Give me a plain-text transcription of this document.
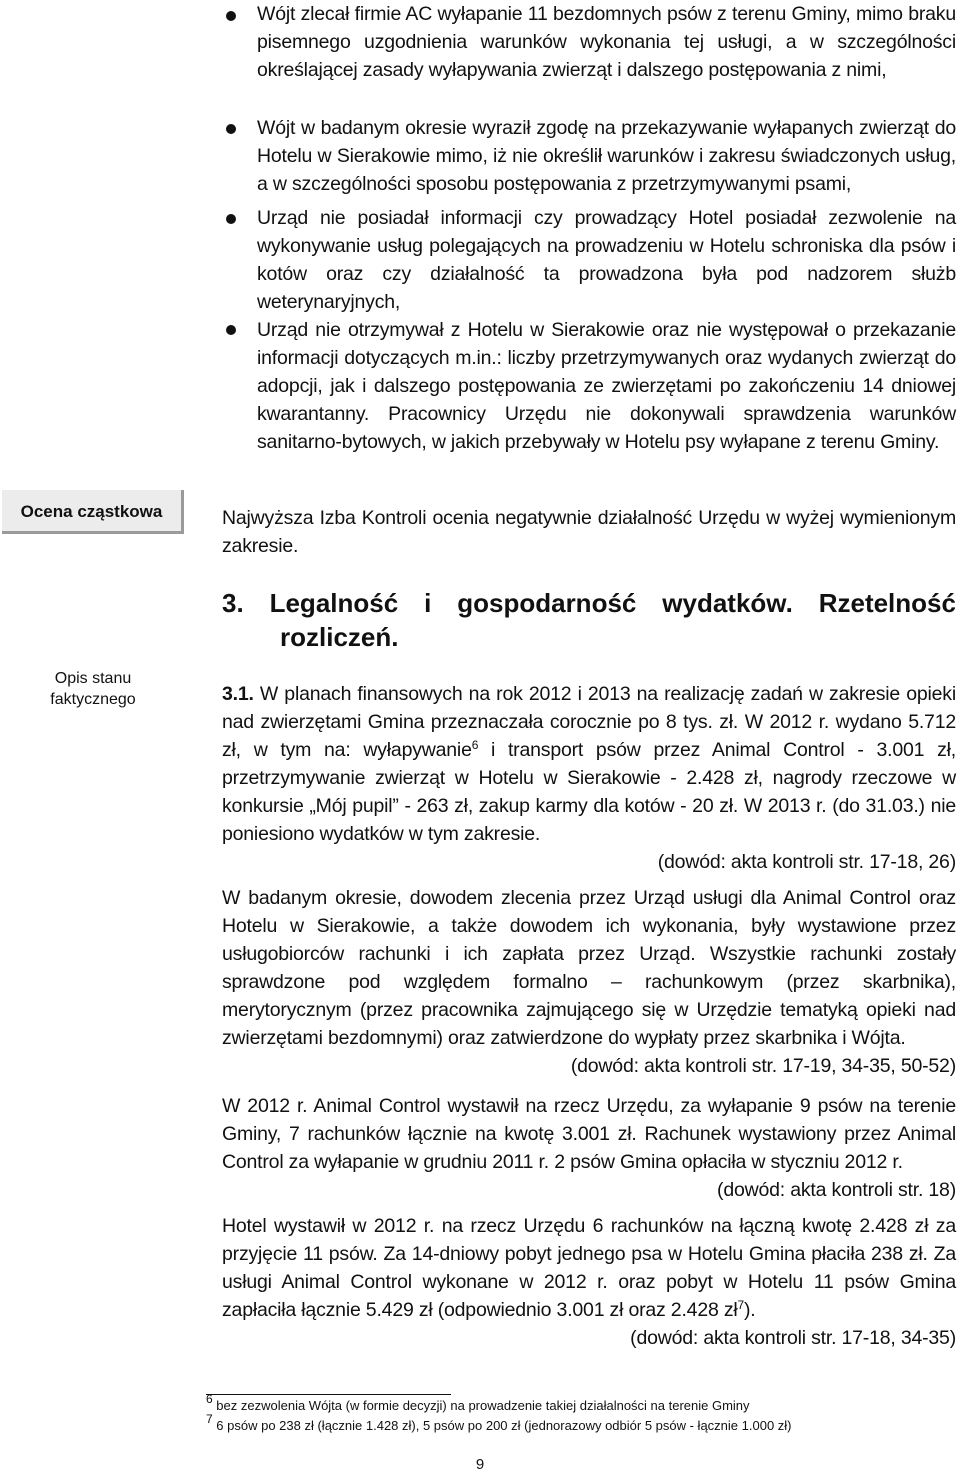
Wójt zlecał firmie AC wyłapanie 11 bezdomnych psów z terenu Gminy, mimo braku pisemnego uzgodnienia warunków wykonania tej usługi, a w szczególności określającej zasady wyłapywania zwierząt i dalszego postępowania z nimi,
Wójt w badanym okresie wyraził zgodę na przekazywanie wyłapanych zwierząt do Hotelu w Sierakowie mimo, iż nie określił warunków i zakresu świadczonych usług, a w szczególności sposobu postępowania z przetrzymywanymi psami,
Urząd nie posiadał informacji czy prowadzący Hotel posiadał zezwolenie na wykonywanie usług polegających na prowadzeniu w Hotelu schroniska dla psów i kotów oraz czy działalność ta prowadzona była pod nadzorem służb weterynaryjnych,
Urząd nie otrzymywał z Hotelu w Sierakowie oraz nie występował o przekazanie informacji dotyczących m.in.: liczby przetrzymywanych oraz wydanych zwierząt do adopcji, jak i dalszego postępowania ze zwierzętami po zakończeniu 14 dniowej kwarantanny. Pracownicy Urzędu nie dokonywali sprawdzenia warunków sanitarno-bytowych, w jakich przebywały w Hotelu psy wyłapane z terenu Gminy.
Ocena cząstkowa
Opis stanu
faktycznego
Najwyższa Izba Kontroli ocenia negatywnie działalność Urzędu w wyżej wymienionym zakresie.
3. Legalność i gospodarność wydatków. Rzetelność
rozliczeń.
3.1. W planach finansowych na rok 2012 i 2013 na realizację zadań w zakresie opieki nad zwierzętami Gmina przeznaczała corocznie po 8 tys. zł. W 2012 r. wydano 5.712 zł, w tym na: wyłapywanie$^6$ i transport psów przez Animal Control - 3.001 zł, przetrzymywanie zwierząt w Hotelu w Sierakowie - 2.428 zł, nagrody rzeczowe w konkursie „Mój pupil” - 263 zł, zakup karmy dla kotów - 20 zł. W 2013 r. (do 31.03.) nie poniesiono wydatków w tym zakresie.
(dowód: akta kontroli str. 17-18, 26)
W badanym okresie, dowodem zlecenia przez Urząd usługi dla Animal Control oraz Hotelu w Sierakowie, a także dowodem ich wykonania, były wystawione przez usługobiorców rachunki i ich zapłata przez Urząd. Wszystkie rachunki zostały sprawdzone pod względem formalno – rachunkowym (przez skarbnika), merytorycznym (przez pracownika zajmującego się w Urzędzie tematyką opieki nad zwierzętami bezdomnymi) oraz zatwierdzone do wypłaty przez skarbnika i Wójta.
(dowód: akta kontroli str. 17-19, 34-35, 50-52)
W 2012 r. Animal Control wystawił na rzecz Urzędu, za wyłapanie 9 psów na terenie Gminy, 7 rachunków łącznie na kwotę 3.001 zł. Rachunek wystawiony przez Animal Control za wyłapanie w grudniu 2011 r. 2 psów Gmina opłaciła w styczniu 2012 r.
(dowód: akta kontroli str. 18)
Hotel wystawił w 2012 r. na rzecz Urzędu 6 rachunków na łączną kwotę 2.428 zł za przyjęcie 11 psów. Za 14-dniowy pobyt jednego psa w Hotelu Gmina płaciła 238 zł. Za usługi Animal Control wykonane w 2012 r. oraz pobyt w Hotelu 11 psów Gmina zapłaciła łącznie 5.429 zł (odpowiednio 3.001 zł oraz 2.428 $zł^7$).
(dowód: akta kontroli str. 17-18, 34-35)
$^6$ bez zezwolenia Wójta (w formie decyzji) na prowadzenie takiej działalności na terenie Gminy
$^7$ 6 psów po 238 zł (łącznie 1.428 zł), 5 psów po 200 zł (jednorazowy odbiór 5 psów - łącznie 1.000 zł)
9
